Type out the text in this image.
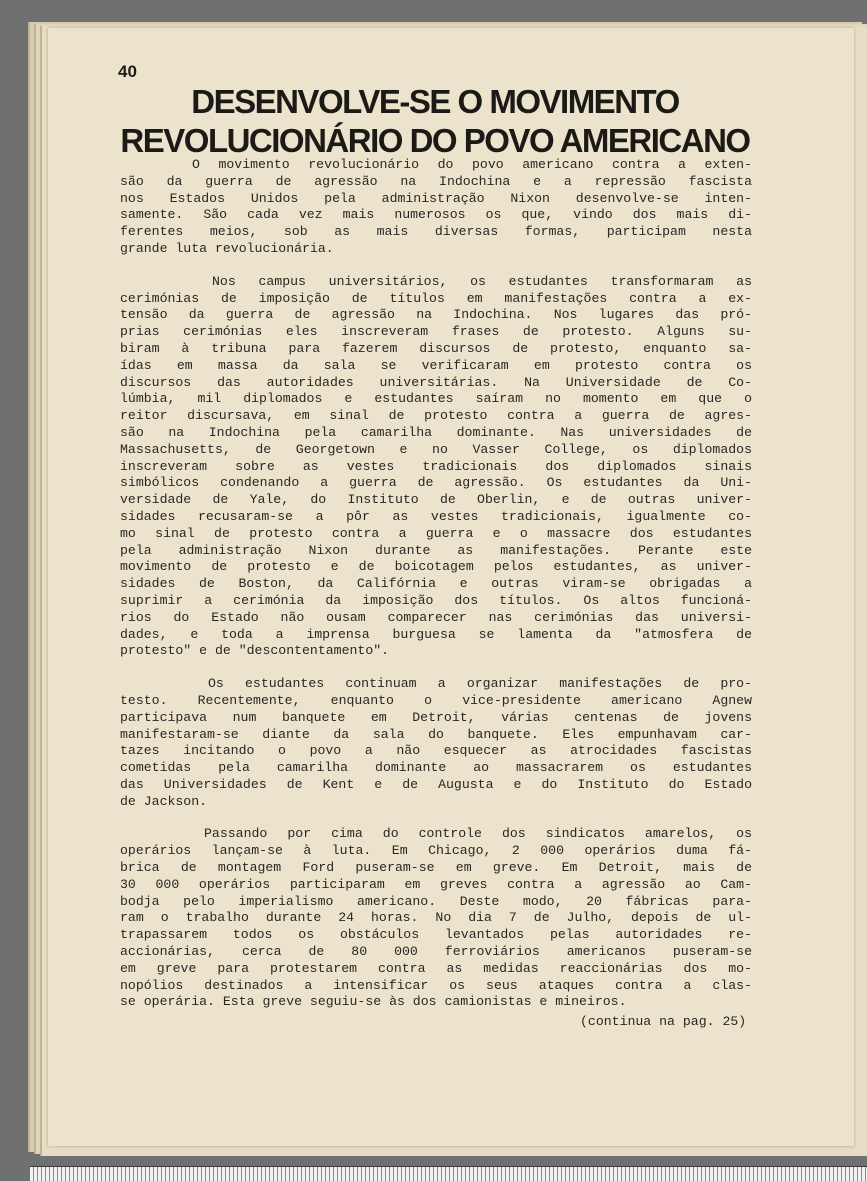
40
DESENVOLVE-SE O MOVIMENTO
REVOLUCIONÁRIO DO POVO AMERICANO
O movimento revolucionário do povo americano contra a exten-
são da guerra de agressão na Indochina e a repressão fascista
nos Estados Unidos pela administração Nixon desenvolve-se inten-
samente. São cada vez mais numerosos os que, vindo dos mais di-
ferentes meios, sob as mais diversas formas, participam nesta
grande luta revolucionária.
Nos campus universitários, os estudantes transformaram as
cerimónias de imposição de títulos em manifestações contra a ex-
tensão da guerra de agressão na Indochina. Nos lugares das pró-
prias cerimónias eles inscreveram frases de protesto. Alguns su-
biram à tribuna para fazerem discursos de protesto, enquanto sa-
ídas em massa da sala se verificaram em protesto contra os
discursos das autoridades universitárias. Na Universidade de Co-
lúmbia, mil diplomados e estudantes saíram no momento em que o
reitor discursava, em sinal de protesto contra a guerra de agres-
são na Indochina pela camarilha dominante. Nas universidades de
Massachusetts, de Georgetown e no Vasser College, os diplomados
inscreveram sobre as vestes tradicionais dos diplomados sinais
simbólicos condenando a guerra de agressão. Os estudantes da Uni-
versidade de Yale, do Instituto de Oberlin, e de outras univer-
sidades recusaram-se a pôr as vestes tradicionais, igualmente co-
mo sinal de protesto contra a guerra e o massacre dos estudantes
pela administração Nixon durante as manifestações. Perante este
movimento de protesto e de boicotagem pelos estudantes, as univer-
sidades de Boston, da Califórnia e outras viram-se obrigadas a
suprimir a cerimónia da imposição dos títulos. Os altos funcioná-
rios do Estado não ousam comparecer nas cerimónias das universi-
dades, e toda a imprensa burguesa se lamenta da "atmosfera de
protesto" e de "descontentamento".
Os estudantes continuam a organizar manifestações de pro-
testo. Recentemente, enquanto o vice-presidente americano Agnew
participava num banquete em Detroit, várias centenas de jovens
manifestaram-se diante da sala do banquete. Eles empunhavam car-
tazes incitando o povo a não esquecer as atrocidades fascistas
cometidas pela camarilha dominante ao massacrarem os estudantes
das Universidades de Kent e de Augusta e do Instituto do Estado
de Jackson.
Passando por cima do controle dos sindicatos amarelos, os
operários lançam-se à luta. Em Chicago, 2 000 operários duma fá-
brica de montagem Ford puseram-se em greve. Em Detroit, mais de
30 000 operários participaram em greves contra a agressão ao Cam-
bodja pelo imperialismo americano. Deste modo, 20 fábricas para-
ram o trabalho durante 24 horas. No dia 7 de Julho, depois de ul-
trapassarem todos os obstáculos levantados pelas autoridades re-
accionárias, cerca de 80 000 ferroviários americanos puseram-se
em greve para protestarem contra as medidas reaccionárias dos mo-
nopólios destinados a intensificar os seus ataques contra a clas-
se operária. Esta greve seguiu-se às dos camionistas e mineiros.
(continua na pag. 25)
